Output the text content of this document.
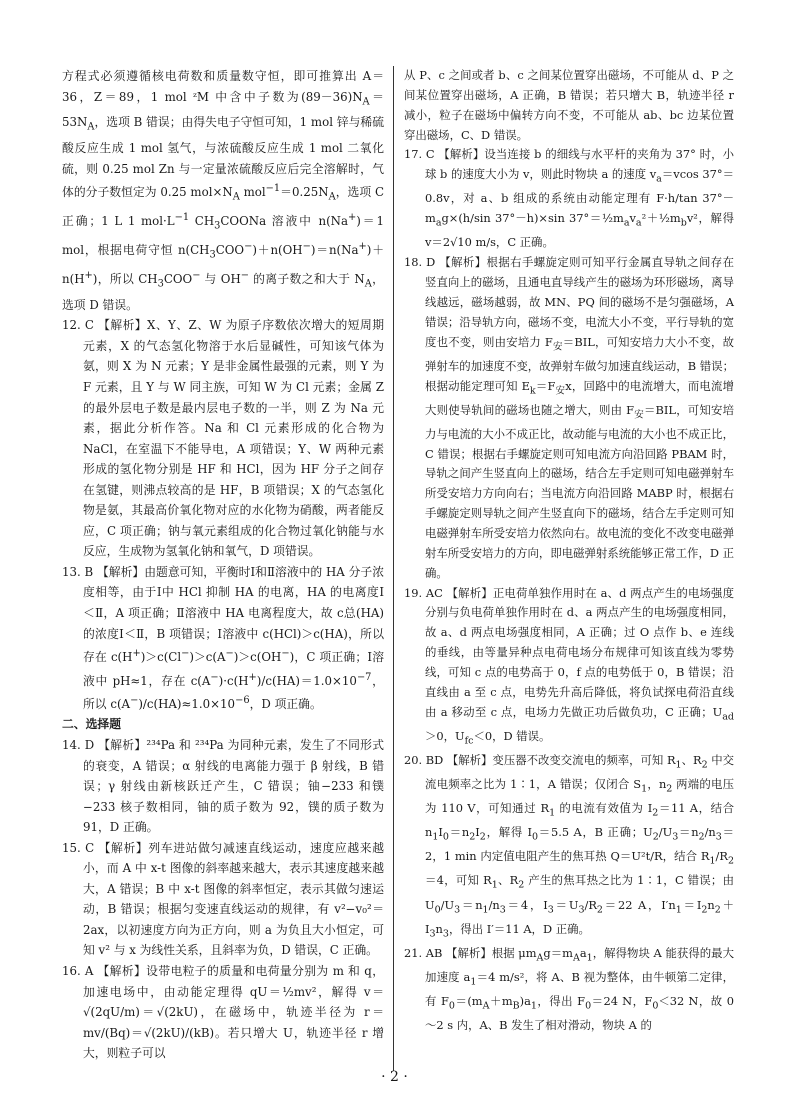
方程式必须遵循核电荷数和质量数守恒，即可推算出 A＝36，Z＝89，1 mol ᶻM 中含中子数为$(89-36)N_A=53N_A$，选项 B 错误；由得失电子守恒可知，1 mol 锌与稀硫酸反应生成 1 mol 氢气，与浓硫酸反应生成 1 mol 二氧化硫，则 0.25 mol Zn 与一定量浓硫酸反应后完全溶解时，气体的分子数恒定为 0.25 $mol\times N_A$ $mol^{-1}=0.25N_A$，选项 C 正确；1 L 1 $mol\cdot L^{-1}$ $CH_3COONa$ 溶液中 n(Na+)＝1 mol，根据电荷守恒 $n(CH_3COO^-)+n(OH^-)=n(Na^+)+n(H^+)$，所以 $CH_3COO^-$ 与 OH− 的离子数之和大于 $N_A$，选项 D 错误。

12. C 【解析】X、Y、Z、W 为原子序数依次增大的短周期元素，X 的气态氢化物溶于水后显碱性，可知该气体为氨，则 X 为 N 元素；Y 是非金属性最强的元素，则 Y 为 F 元素，且 Y 与 W 同主族，可知 W 为 Cl 元素；金属 Z 的最外层电子数是最内层电子数的一半，则 Z 为 Na 元素，据此分析作答。Na 和 Cl 元素形成的化合物为 NaCl，在室温下不能导电，A 项错误；Y、W 两种元素形成的氢化物分别是 HF 和 HCl，因为 HF 分子之间存在氢键，则沸点较高的是 HF，B 项错误；X 的气态氢化物是氨，其最高价氧化物对应的水化物为硝酸，两者能反应，C 项正确；钠与氧元素组成的化合物过氧化钠能与水反应，生成物为氢氧化钠和氧气，D 项错误。

13. B 【解析】由题意可知，平衡时Ⅰ和Ⅱ溶液中的 HA 分子浓度相等，由于Ⅰ中 HCl 抑制 HA 的电离，HA 的电离度Ⅰ＜Ⅱ，A 项正确；Ⅱ溶液中 HA 电离程度大，故 c总(HA)的浓度Ⅰ＜Ⅱ，B 项错误；Ⅰ溶液中 c(HCl)＞c(HA)，所以存在 c(H+)＞c(Cl−)＞c(A−)＞c(OH−)，C 项正确；Ⅰ溶液中 pH≈1，存在 $c(A^-)\cdot c(H^+)/c(HA)=1.0\times 10^{-7}$，所以 $c(A^-)/c(HA)\approx 1.0\times 10^{-6}$，D 项正确。

二、选择题

14. D 【解析】²³⁴Pa 和 ²³⁴Pa 为同种元素，发生了不同形式的衰变，A 错误；α 射线的电离能力强于 β 射线，B 错误；γ 射线由新核跃迁产生，C 错误；铀−233 和镤−233 核子数相同，铀的质子数为 92，镤的质子数为 91，D 正确。

15. C 【解析】列车进站做匀减速直线运动，速度应越来越小，而 A 中 x-t 图像的斜率越来越大，表示其速度越来越大，A 错误；B 中 x-t 图像的斜率恒定，表示其做匀速运动，B 错误；根据匀变速直线运动的规律，有 v²−v₀²＝2ax，以初速度方向为正方向，则 a 为负且大小恒定，可知 v² 与 x 为线性关系，且斜率为负，D 错误，C 正确。

16. A 【解析】设带电粒子的质量和电荷量分别为 m 和 q，加速电场中，由动能定理得 qU＝½mv²，解得 v＝√(2qU/m)＝√(2kU)，在磁场中，轨迹半径为 r＝mv/(Bq)＝√(2kU)/(kB)。若只增大 U，轨迹半径 r 增大，则粒子可以

从 P、c 之间或者 b、c 之间某位置穿出磁场，不可能从 d、P 之间某位置穿出磁场，A 正确，B 错误；若只增大 B，轨迹半径 r 减小，粒子在磁场中偏转方向不变，不可能从 ab、bc 边某位置穿出磁场，C、D 错误。

17. C 【解析】设当连接 b 的细线与水平杆的夹角为 37° 时，小球 b 的速度大小为 v，则此时物块 a 的速度 $v_a=vcos$ 37°＝0.8v，对 a、b 组成的系统由动能定理有 F·h/tan $37^\circ-m_ag\times(h/\sin$ 37°－h)×sin $37^\circ=\frac{1}{2}m_av_a^2+\frac{1}{2}m_bv^2$，解得 v＝2√10 m/s，C 正确。

18. D 【解析】根据右手螺旋定则可知平行金属直导轨之间存在竖直向上的磁场，且通电直导线产生的磁场为环形磁场，离导线越远，磁场越弱，故 MN、PQ 间的磁场不是匀强磁场，A 错误；沿导轨方向，磁场不变，电流大小不变，平行导轨的宽度也不变，则由安培力 $F_安=BIL$，可知安培力大小不变，故弹射车的加速度不变，故弹射车做匀加速直线运动，B 错误；根据动能定理可知 $E_k=F_安x$，回路中的电流增大，而电流增大则使导轨间的磁场也随之增大，则由 $F_安=BIL$，可知安培力与电流的大小不成正比，故动能与电流的大小也不成正比，C 错误；根据右手螺旋定则可知电流方向沿回路 PBAM 时，导轨之间产生竖直向上的磁场，结合左手定则可知电磁弹射车所受安培力方向向右；当电流方向沿回路 MABP 时，根据右手螺旋定则导轨之间产生竖直向下的磁场，结合左手定则可知电磁弹射车所受安培力依然向右。故电流的变化不改变电磁弹射车所受安培力的方向，即电磁弹射系统能够正常工作，D 正确。

19. AC 【解析】正电荷单独作用时在 a、d 两点产生的电场强度分别与负电荷单独作用时在 d、a 两点产生的电场强度相同，故 a、d 两点电场强度相同，A 正确；过 O 点作 b、e 连线的垂线，由等量异种点电荷电场分布规律可知该直线为零势线，可知 c 点的电势高于 0，f 点的电势低于 0，B 错误；沿直线由 a 至 c 点，电势先升高后降低，将负试探电荷沿直线由 a 移动至 c 点，电场力先做正功后做负功，C 正确；$U_{ad}>0$，$U_{fc}<0$，D 错误。

20. BD 【解析】变压器不改变交流电的频率，可知 $R_1$、$R_2$ 中交流电频率之比为 1∶1，A 错误；仅闭合 $S_1$，$n_2$ 两端的电压为 110 V，可知通过 $R_1$ 的电流有效值为 $I_2=11$ A，结合 $n_1I_0=n_2I_2$，解得 $I_0=5.5$ A，B 正确；$U_2/U_3=n_2/n_3=2$，1 min 内定值电阻产生的焦耳热 Q＝U²t/R，结合 $R_1/R_2=4$，可知 $R_1$、$R_2$ 产生的焦耳热之比为 1∶1，C 错误；由 $U_0/U_3=n_1/n_3=4$，$I_3=U_3/R_2=22$ A，$I'n_1=I_2n_2+I_3n_3$，得出 I′＝11 A，D 正确。

21. AB 【解析】根据 $\mu m_Ag=m_Aa_1$，解得物块 A 能获得的最大加速度 $a_1=4$ m/s²，将 A、B 视为整体，由牛顿第二定律，有 $F_0=(m_A+m_B)a_1$，得出 $F_0=24$ N，$F_0<32$ N，故 0～2 s 内，A、B 发生了相对滑动，物块 A 的

· 2 ·
